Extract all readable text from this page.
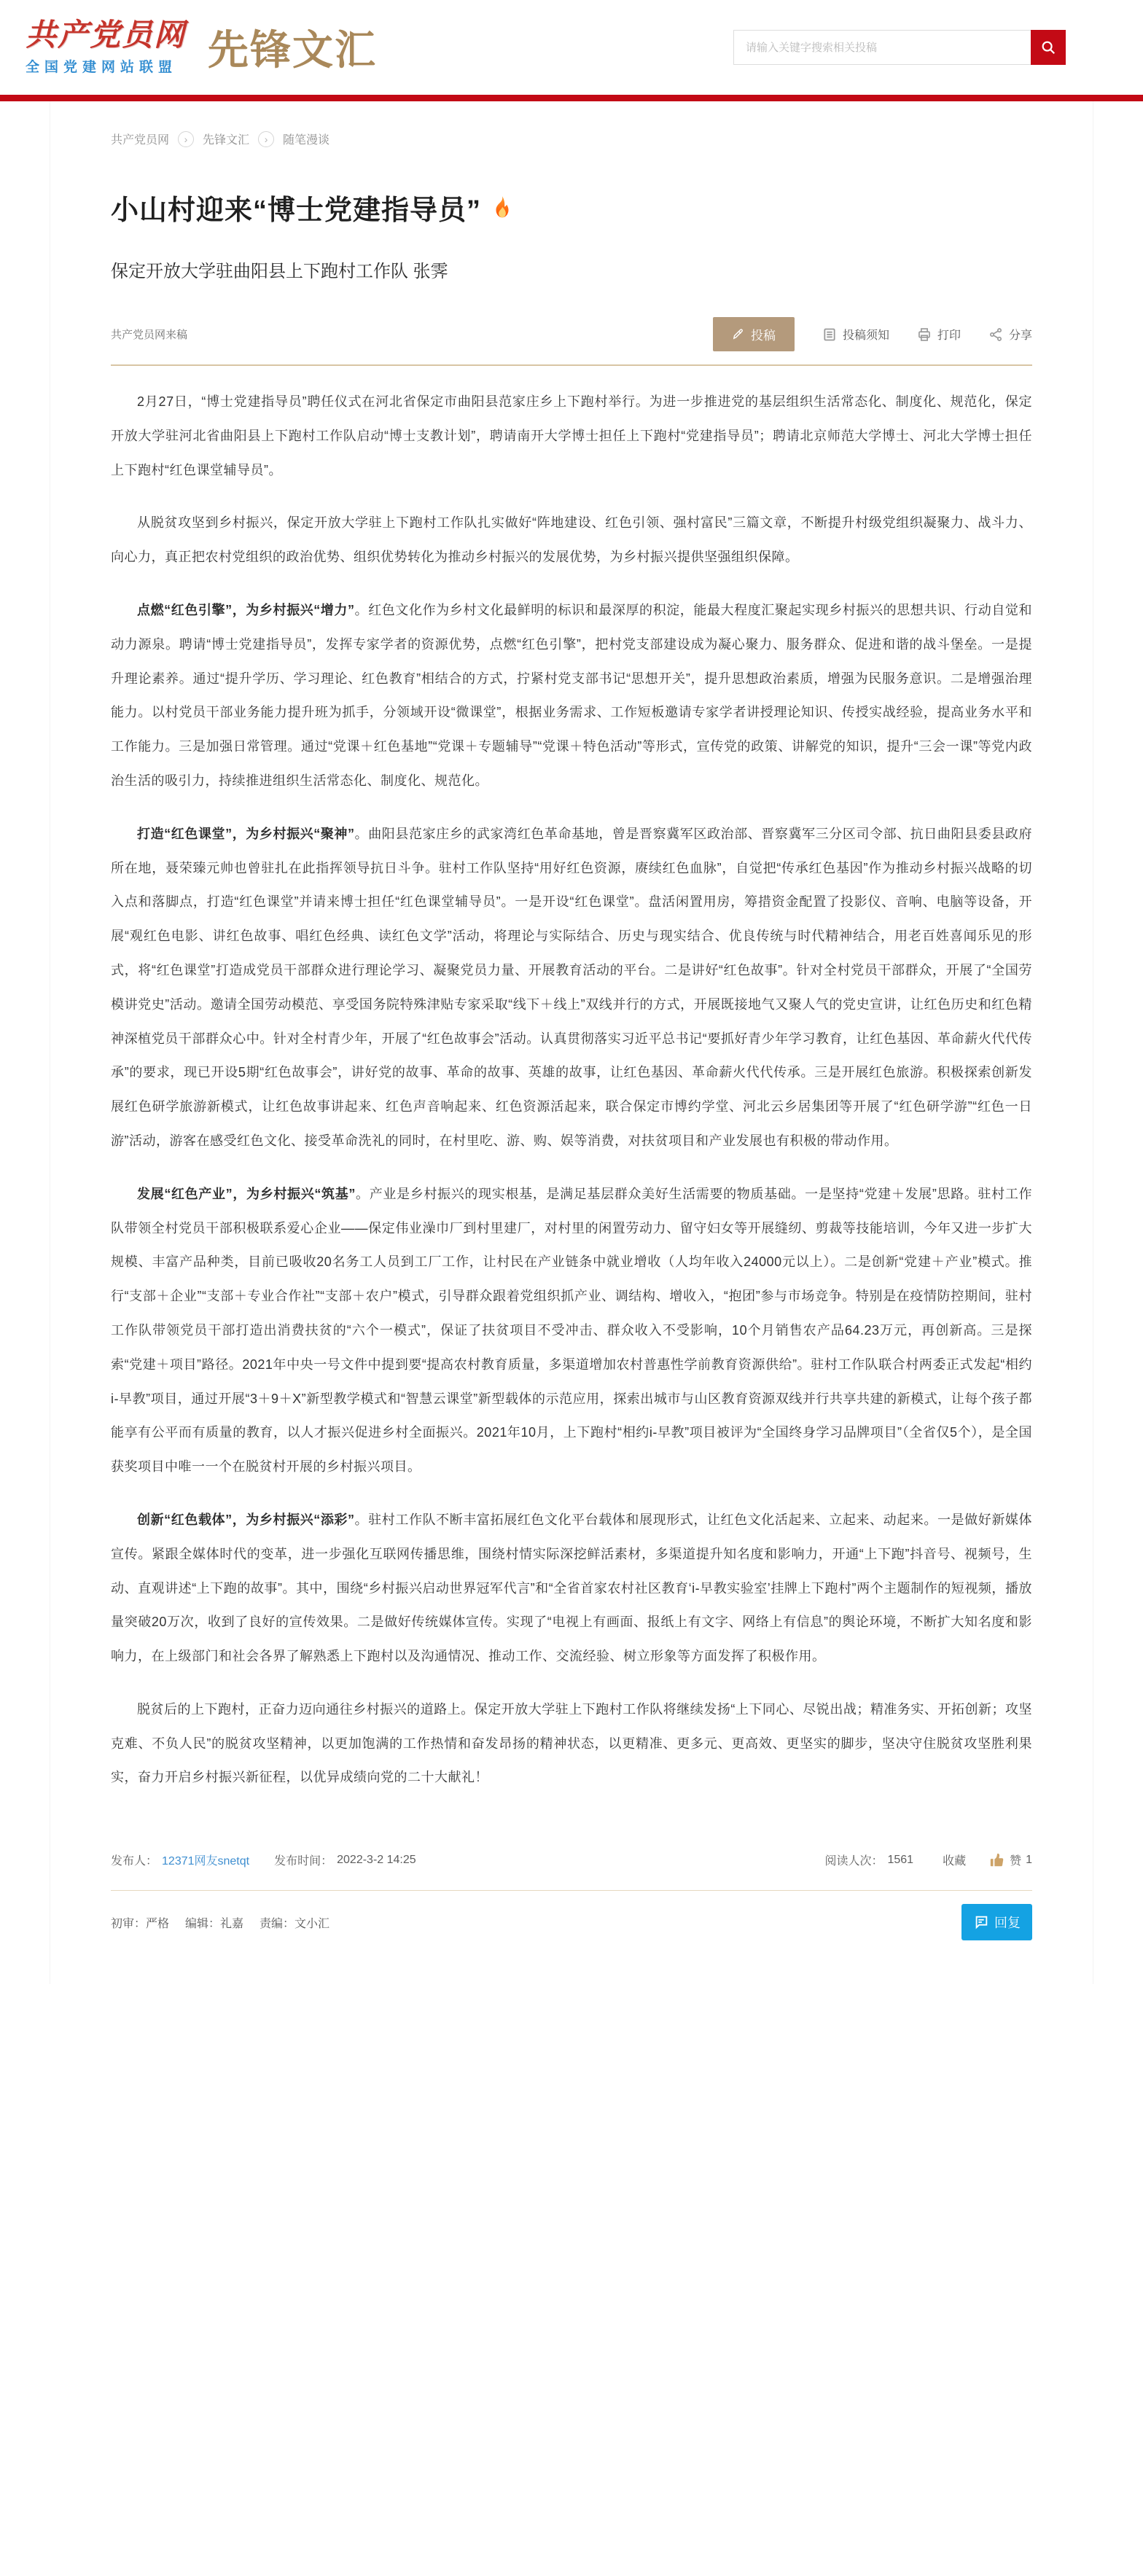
共产党员网
全国党建网站联盟 先锋文汇
请输入关键字搜索相关投稿
共产党员网	›	先锋文汇	›	随笔漫谈
小山村迎来“博士党建指导员”
保定开放大学驻曲阳县上下跑村工作队 张霁
共产党员网来稿	投稿	投稿须知	打印	分享

2月27日，“博士党建指导员”聘任仪式在河北省保定市曲阳县范家庄乡上下跑村举行。为进一步推进党的基层组织生活常态化、制度化、规范化，保定开放大学驻河北省曲阳县上下跑村工作队启动“博士支教计划”，聘请南开大学博士担任上下跑村“党建指导员”；聘请北京师范大学博士、河北大学博士担任上下跑村“红色课堂辅导员”。

从脱贫攻坚到乡村振兴，保定开放大学驻上下跑村工作队扎实做好“阵地建设、红色引领、强村富民”三篇文章，不断提升村级党组织凝聚力、战斗力、向心力，真正把农村党组织的政治优势、组织优势转化为推动乡村振兴的发展优势，为乡村振兴提供坚强组织保障。

点燃“红色引擎”，为乡村振兴“增力”。红色文化作为乡村文化最鲜明的标识和最深厚的积淀，能最大程度汇聚起实现乡村振兴的思想共识、行动自觉和动力源泉。聘请“博士党建指导员”，发挥专家学者的资源优势，点燃“红色引擎”，把村党支部建设成为凝心聚力、服务群众、促进和谐的战斗堡垒。一是提升理论素养。通过“提升学历、学习理论、红色教育”相结合的方式，拧紧村党支部书记“思想开关”，提升思想政治素质，增强为民服务意识。二是增强治理能力。以村党员干部业务能力提升班为抓手，分领域开设“微课堂”，根据业务需求、工作短板邀请专家学者讲授理论知识、传授实战经验，提高业务水平和工作能力。三是加强日常管理。通过“党课＋红色基地”“党课＋专题辅导”“党课＋特色活动”等形式，宣传党的政策、讲解党的知识，提升“三会一课”等党内政治生活的吸引力，持续推进组织生活常态化、制度化、规范化。

打造“红色课堂”，为乡村振兴“聚神”。曲阳县范家庄乡的武家湾红色革命基地，曾是晋察冀军区政治部、晋察冀军三分区司令部、抗日曲阳县委县政府所在地，聂荣臻元帅也曾驻扎在此指挥领导抗日斗争。驻村工作队坚持“用好红色资源，赓续红色血脉”，自觉把“传承红色基因”作为推动乡村振兴战略的切入点和落脚点，打造“红色课堂”并请来博士担任“红色课堂辅导员”。一是开设“红色课堂”。盘活闲置用房，筹措资金配置了投影仪、音响、电脑等设备，开展“观红色电影、讲红色故事、唱红色经典、读红色文学”活动，将理论与实际结合、历史与现实结合、优良传统与时代精神结合，用老百姓喜闻乐见的形式，将“红色课堂”打造成党员干部群众进行理论学习、凝聚党员力量、开展教育活动的平台。二是讲好“红色故事”。针对全村党员干部群众，开展了“全国劳模讲党史”活动。邀请全国劳动模范、享受国务院特殊津贴专家采取“线下＋线上”双线并行的方式，开展既接地气又聚人气的党史宣讲，让红色历史和红色精神深植党员干部群众心中。针对全村青少年，开展了“红色故事会”活动。认真贯彻落实习近平总书记“要抓好青少年学习教育，让红色基因、革命薪火代代传承”的要求，现已开设5期“红色故事会”，讲好党的故事、革命的故事、英雄的故事，让红色基因、革命薪火代代传承。三是开展红色旅游。积极探索创新发展红色研学旅游新模式，让红色故事讲起来、红色声音响起来、红色资源活起来，联合保定市博约学堂、河北云乡居集团等开展了“红色研学游”“红色一日游”活动，游客在感受红色文化、接受革命洗礼的同时，在村里吃、游、购、娱等消费，对扶贫项目和产业发展也有积极的带动作用。

发展“红色产业”，为乡村振兴“筑基”。产业是乡村振兴的现实根基，是满足基层群众美好生活需要的物质基础。一是坚持“党建＋发展”思路。驻村工作队带领全村党员干部积极联系爱心企业——保定伟业澡巾厂到村里建厂，对村里的闲置劳动力、留守妇女等开展缝纫、剪裁等技能培训，今年又进一步扩大规模、丰富产品种类，目前已吸收20名务工人员到工厂工作，让村民在产业链条中就业增收（人均年收入24000元以上）。二是创新“党建＋产业”模式。推行“支部＋企业”“支部＋专业合作社”“支部＋农户”模式，引导群众跟着党组织抓产业、调结构、增收入，“抱团”参与市场竞争。特别是在疫情防控期间，驻村工作队带领党员干部打造出消费扶贫的“六个一模式”，保证了扶贫项目不受冲击、群众收入不受影响，10个月销售农产品64.23万元，再创新高。三是探索“党建＋项目”路径。2021年中央一号文件中提到要“提高农村教育质量，多渠道增加农村普惠性学前教育资源供给”。驻村工作队联合村两委正式发起“相约i-早教”项目，通过开展“3＋9＋X”新型教学模式和“智慧云课堂”新型载体的示范应用，探索出城市与山区教育资源双线并行共享共建的新模式，让每个孩子都能享有公平而有质量的教育，以人才振兴促进乡村全面振兴。2021年10月，上下跑村“相约i-早教”项目被评为“全国终身学习品牌项目”（全省仅5个），是全国获奖项目中唯一一个在脱贫村开展的乡村振兴项目。

创新“红色载体”，为乡村振兴“添彩”。驻村工作队不断丰富拓展红色文化平台载体和展现形式，让红色文化活起来、立起来、动起来。一是做好新媒体宣传。紧跟全媒体时代的变革，进一步强化互联网传播思维，围绕村情实际深挖鲜活素材，多渠道提升知名度和影响力，开通“上下跑”抖音号、视频号，生动、直观讲述“上下跑的故事”。其中，围绕“乡村振兴启动世界冠军代言”和“全省首家农村社区教育‘i-早教实验室’挂牌上下跑村”两个主题制作的短视频，播放量突破20万次，收到了良好的宣传效果。二是做好传统媒体宣传。实现了“电视上有画面、报纸上有文字、网络上有信息”的舆论环境，不断扩大知名度和影响力，在上级部门和社会各界了解熟悉上下跑村以及沟通情况、推动工作、交流经验、树立形象等方面发挥了积极作用。

脱贫后的上下跑村，正奋力迈向通往乡村振兴的道路上。保定开放大学驻上下跑村工作队将继续发扬“上下同心、尽锐出战；精准务实、开拓创新；攻坚克难、不负人民”的脱贫攻坚精神，以更加饱满的工作热情和奋发昂扬的精神状态，以更精准、更多元、更高效、更坚实的脚步，坚决守住脱贫攻坚胜利果实，奋力开启乡村振兴新征程，以优异成绩向党的二十大献礼！

发布人： 12371网友snetqt 发布时间： 2022-3-2 14:25	阅读人次： 1561	收藏	赞 1
初审：严格 编辑：礼嘉 责编：文小汇	回复
